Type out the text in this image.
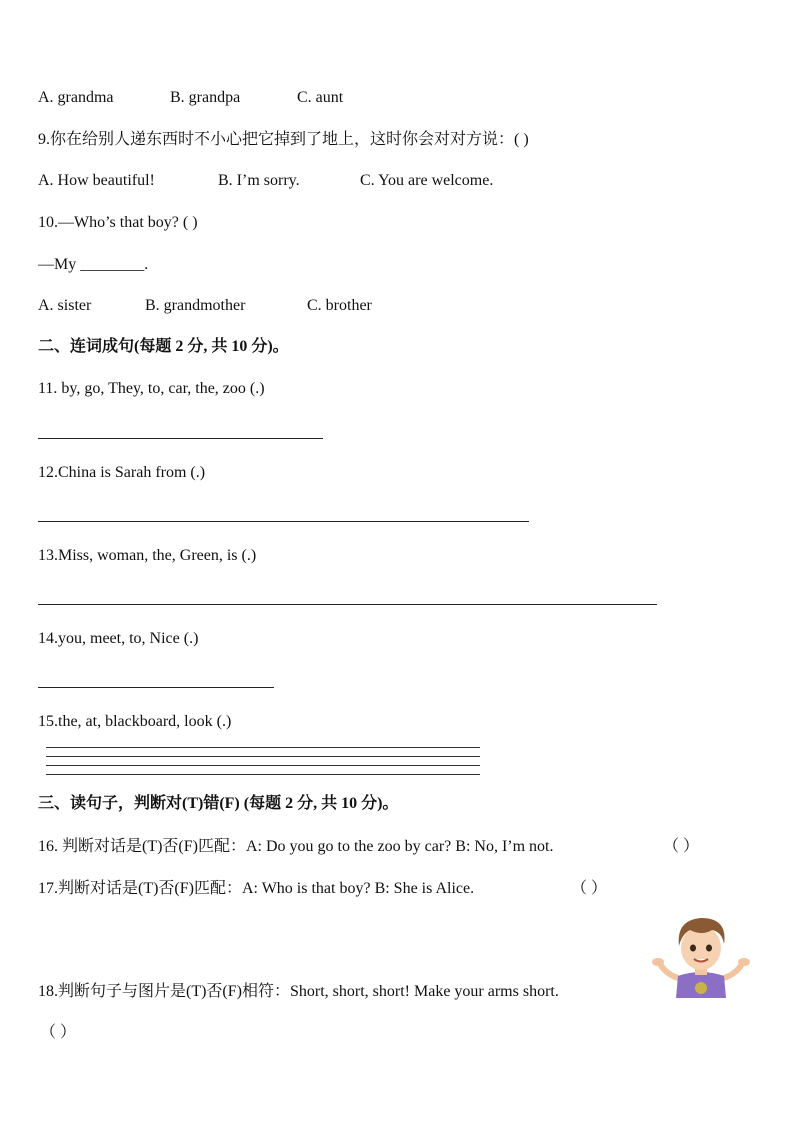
A. grandma	B. grandpa	C. aunt
9.你在给别人递东西时不小心把它掉到了地上，这时你会对对方说：( )
A. How beautiful!	B. I’m sorry.	C. You are welcome.
10.—Who’s that boy? ( )
—My ________.
A. sister	B. grandmother	C. brother
二、连词成句(每题 2 分, 共 10 分)。
11. by, go, They, to, car, the, zoo (.)
12.China is Sarah from (.)
13.Miss, woman, the, Green, is (.)
14.you, meet, to, Nice (.)
15.the, at, blackboard, look (.)
三、读句子，判断对(T)错(F) (每题 2 分, 共 10 分)。
16. 判断对话是(T)否(F)匹配：A: Do you go to the zoo by car? B: No, I’m not.	（ ）
17.判断对话是(T)否(F)匹配：A: Who is that boy? B: She is Alice.	（ ）
18.判断句子与图片是(T)否(F)相符：Short, short, short! Make your arms short.
（ ）
